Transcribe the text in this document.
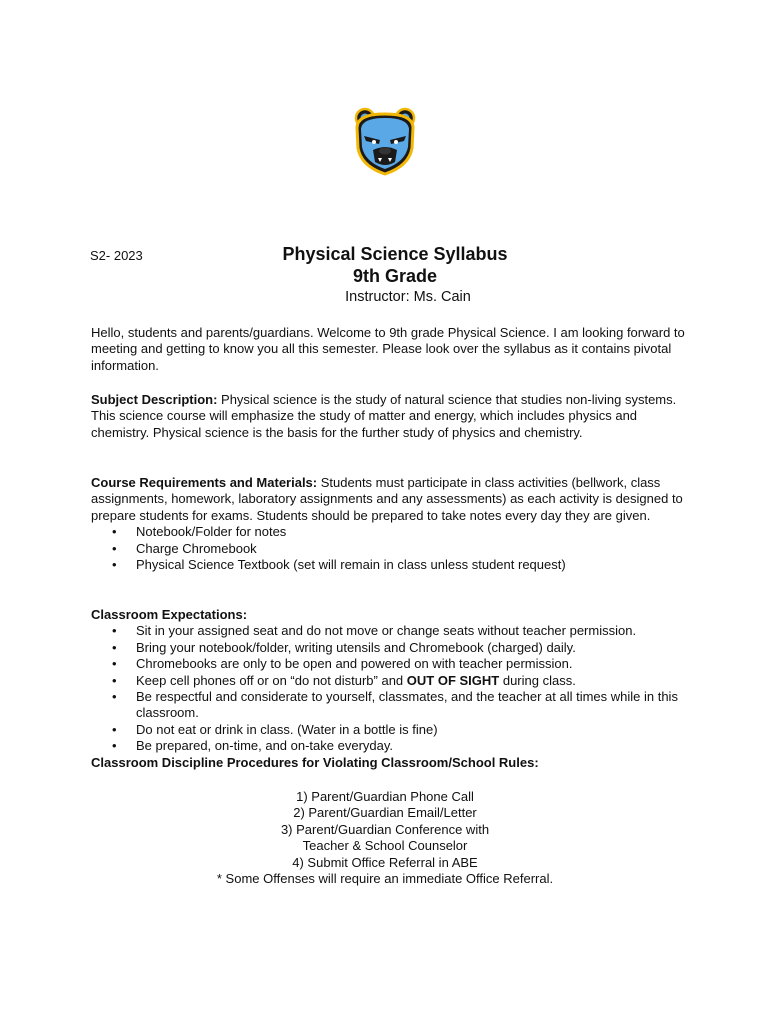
S2- 2023	Physical Science Syllabus
9th Grade
Instructor: Ms. Cain

Hello, students and parents/guardians. Welcome to 9th grade Physical Science. I am looking forward to meeting and getting to know you all this semester. Please look over the syllabus as it contains pivotal information.

Subject Description: Physical science is the study of natural science that studies non-living systems. This science course will emphasize the study of matter and energy, which includes physics and chemistry. Physical science is the basis for the further study of physics and chemistry.

Course Requirements and Materials: Students must participate in class activities (bellwork, class assignments, homework, laboratory assignments and any assessments) as each activity is designed to prepare students for exams. Students should be prepared to take notes every day they are given.

• Notebook/Folder for notes
• Charge Chromebook
• Physical Science Textbook (set will remain in class unless student request)

Classroom Expectations:

• Sit in your assigned seat and do not move or change seats without teacher permission.
• Bring your notebook/folder, writing utensils and Chromebook (charged) daily.
• Chromebooks are only to be open and powered on with teacher permission.
• Keep cell phones off or on “do not disturb” and OUT OF SIGHT during class.
• Be respectful and considerate to yourself, classmates, and the teacher at all times while in this classroom.
• Do not eat or drink in class. (Water in a bottle is fine)
• Be prepared, on-time, and on-take everyday.

Classroom Discipline Procedures for Violating Classroom/School Rules:

1) Parent/Guardian Phone Call
2) Parent/Guardian Email/Letter
3) Parent/Guardian Conference with
Teacher & School Counselor
4) Submit Office Referral in ABE
* Some Offenses will require an immediate Office Referral.
